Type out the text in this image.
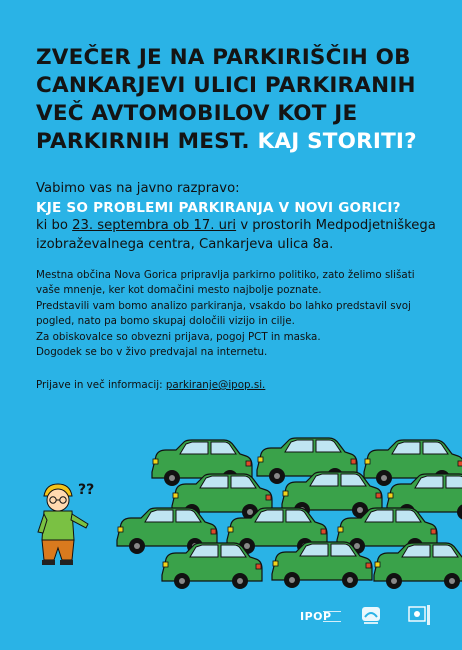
ZVEČER JE NA PARKIRIŠČIH OB
CANKARJEVI ULICI PARKIRANIH
VEČ AVTOMOBILOV KOT JE
PARKIRNIH MEST. KAJ STORITI?
Vabimo vas na javno razpravo:
KJE SO PROBLEMI PARKIRANJA V NOVI GORICI?
ki bo 23. septembra ob 17. uri v prostorih Medpodjetniškega izobraževalnega centra, Cankarjeva ulica 8a.

Mestna občina Nova Gorica pripravlja parkirno politiko, zato želimo slišati vaše mnenje, ker kot domačini mesto najbolje poznate.

Predstavili vam bomo analizo parkiranja, vsakdo bo lahko predstavil svoj pogled, nato pa bomo skupaj določili vizijo in cilje.

Za obiskovalce so obvezni prijava, pogoj PCT in maska.

Dogodek se bo v živo predvajal na internetu.

Prijave in več informacij: parkiranje@ipop.si.
??
IPOP
